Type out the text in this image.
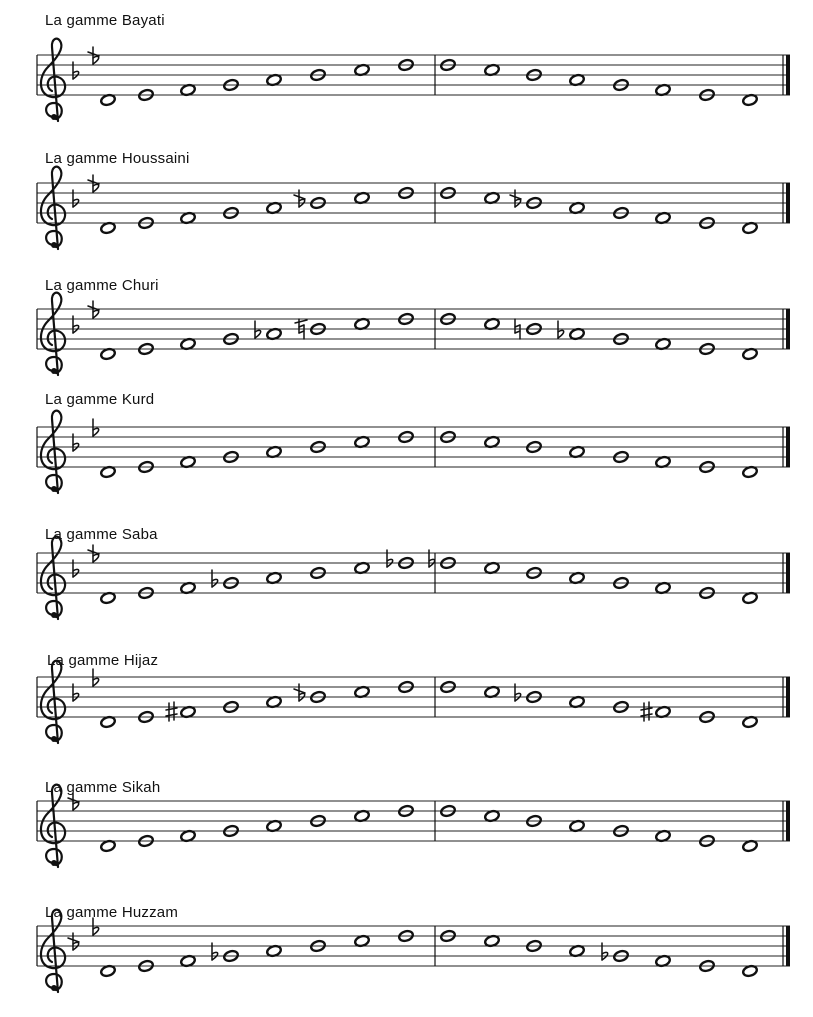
La gamme Bayati
La gamme Houssaini
La gamme Churi
La gamme Kurd
La gamme Saba
La gamme Hijaz
La gamme Sikah
La gamme Huzzam
